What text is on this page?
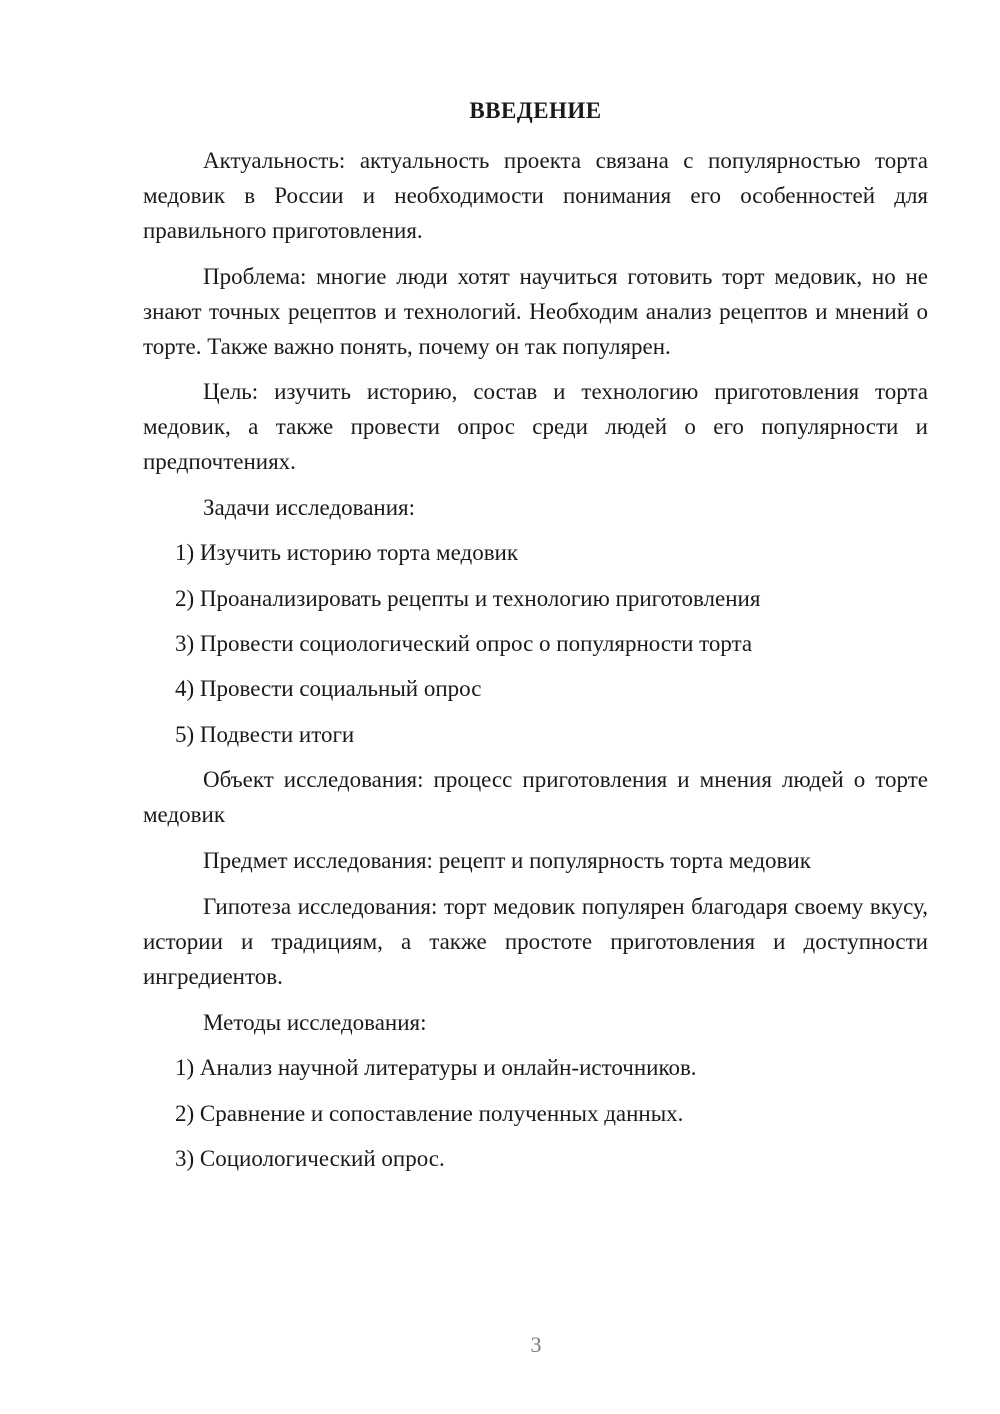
ВВЕДЕНИЕ

Актуальность: актуальность проекта связана с популярностью торта медовик в России и необходимости понимания его особенностей для правильного приготовления.

Проблема: многие люди хотят научиться готовить торт медовик, но не знают точных рецептов и технологий. Необходим анализ рецептов и мнений о торте. Также важно понять, почему он так популярен.

Цель: изучить историю, состав и технологию приготовления торта медовик, а также провести опрос среди людей о его популярности и предпочтениях.

Задачи исследования:

1) Изучить историю торта медовик

2) Проанализировать рецепты и технологию приготовления

3) Провести социологический опрос о популярности торта

4) Провести социальный опрос

5) Подвести итоги

Объект исследования: процесс приготовления и мнения людей о торте медовик

Предмет исследования: рецепт и популярность торта медовик

Гипотеза исследования: торт медовик популярен благодаря своему вкусу, истории и традициям, а также простоте приготовления и доступности ингредиентов.

Методы исследования:

1) Анализ научной литературы и онлайн-источников.

2) Сравнение и сопоставление полученных данных.

3) Социологический опрос.

3
